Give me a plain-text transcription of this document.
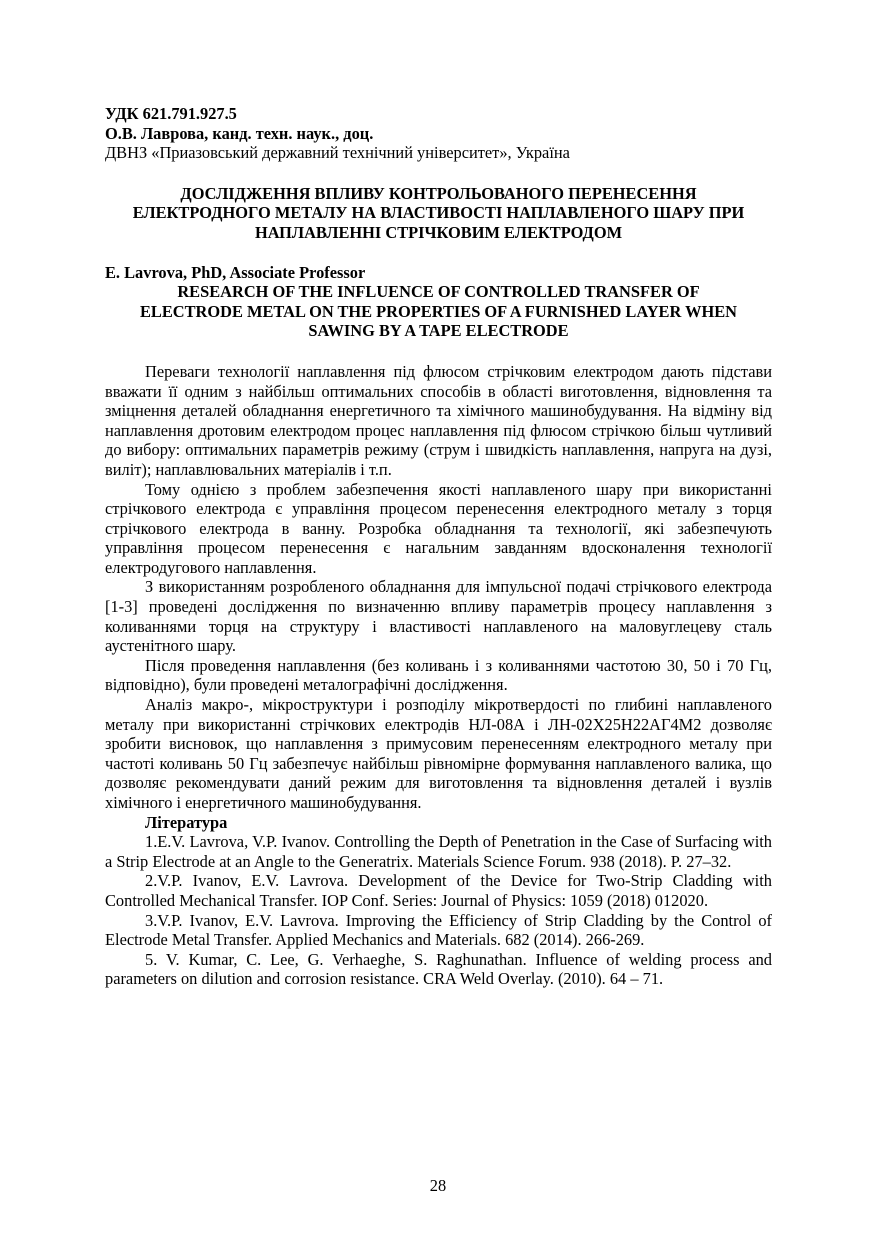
УДК 621.791.927.5
О.В. Лаврова, канд. техн. наук., доц.
ДВНЗ «Приазовський державний технічний університет», Україна
ДОСЛІДЖЕННЯ ВПЛИВУ КОНТРОЛЬОВАНОГО ПЕРЕНЕСЕННЯ
ЕЛЕКТРОДНОГО МЕТАЛУ НА ВЛАСТИВОСТІ НАПЛАВЛЕНОГО ШАРУ ПРИ
НАПЛАВЛЕННІ СТРІЧКОВИМ ЕЛЕКТРОДОМ
E. Lavrova, PhD, Associate Professor
RESEARCH OF THE INFLUENCE OF CONTROLLED TRANSFER OF
ELECTRODE METAL ON THE PROPERTIES OF A FURNISHED LAYER WHEN
SAWING BY A TAPE ELECTRODE

Переваги технології наплавлення під флюсом стрічковим електродом дають підстави вважати її одним з найбільш оптимальних способів в області виготовлення, відновлення та зміцнення деталей обладнання енергетичного та хімічного машинобудування. На відміну від наплавлення дротовим електродом процес наплавлення під флюсом стрічкою більш чутливий до вибору: оптимальних параметрів режиму (струм і швидкість наплавлення, напруга на дузі, виліт); наплавлювальних матеріалів і т.п.

Тому однією з проблем забезпечення якості наплавленого шару при використанні стрічкового електрода є управління процесом перенесення електродного металу з торця стрічкового електрода в ванну. Розробка обладнання та технології, які забезпечують управління процесом перенесення є нагальним завданням вдосконалення технології електродугового наплавлення.

З використанням розробленого обладнання для імпульсної подачі стрічкового електрода [1-3] проведені дослідження по визначенню впливу параметрів процесу наплавлення з коливаннями торця на структуру і властивості наплавленого на маловуглецеву сталь аустенітного шару.

Після проведення наплавлення (без коливань і з коливаннями частотою 30, 50 і 70 Гц, відповідно), були проведені металографічні дослідження.

Аналіз макро-, мікроструктури і розподілу мікротвердості по глибині наплавленого металу при використанні стрічкових електродів НЛ-08А і ЛН-02Х25Н22АГ4М2 дозволяє зробити висновок, що наплавлення з примусовим перенесенням електродного металу при частоті коливань 50 Гц забезпечує найбільш рівномірне формування наплавленого валика, що дозволяє рекомендувати даний режим для виготовлення та відновлення деталей і вузлів хімічного і енергетичного машинобудування.

Література

1.E.V. Lavrova, V.P. Ivanov. Controlling the Depth of Penetration in the Case of Surfacing with a Strip Electrode at an Angle to the Generatrix. Materials Science Forum. 938 (2018). P. 27–32.

2.V.P. Ivanov, E.V. Lavrova. Development of the Device for Two-Strip Cladding with Controlled Mechanical Transfer. IOP Conf. Series: Journal of Physics: 1059 (2018) 012020.

3.V.P. Ivanov, E.V. Lavrova. Improving the Efficiency of Strip Cladding by the Control of Electrode Metal Transfer. Applied Mechanics and Materials. 682 (2014). 266-269.

5. V. Kumar, C. Lee, G. Verhaeghe, S. Raghunathan. Influence of welding process and parameters on dilution and corrosion resistance. CRA Weld Overlay. (2010). 64 – 71.

28
